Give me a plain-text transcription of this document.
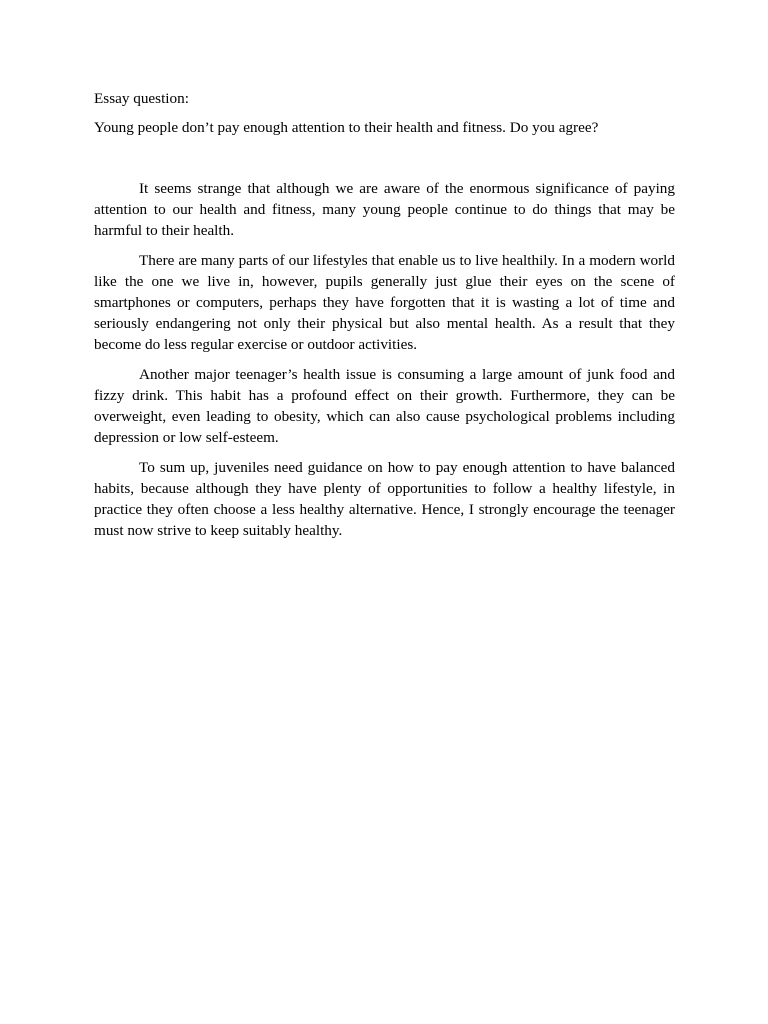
Essay question:

Young people don’t pay enough attention to their health and fitness. Do you agree?

It seems strange that although we are aware of the enormous significance of paying attention to our health and fitness, many young people continue to do things that may be harmful to their health.

There are many parts of our lifestyles that enable us to live healthily. In a modern world like the one we live in, however, pupils generally just glue their eyes on the scene of smartphones or computers, perhaps they have forgotten that it is wasting a lot of time and seriously endangering not only their physical but also mental health. As a result that they become do less regular exercise or outdoor activities.

Another major teenager’s health issue is consuming a large amount of junk food and fizzy drink. This habit has a profound effect on their growth. Furthermore, they can be overweight, even leading to obesity, which can also cause psychological problems including depression or low self-esteem.

To sum up, juveniles need guidance on how to pay enough attention to have balanced habits, because although they have plenty of opportunities to follow a healthy lifestyle, in practice they often choose a less healthy alternative. Hence, I strongly encourage the teenager must now strive to keep suitably healthy.
